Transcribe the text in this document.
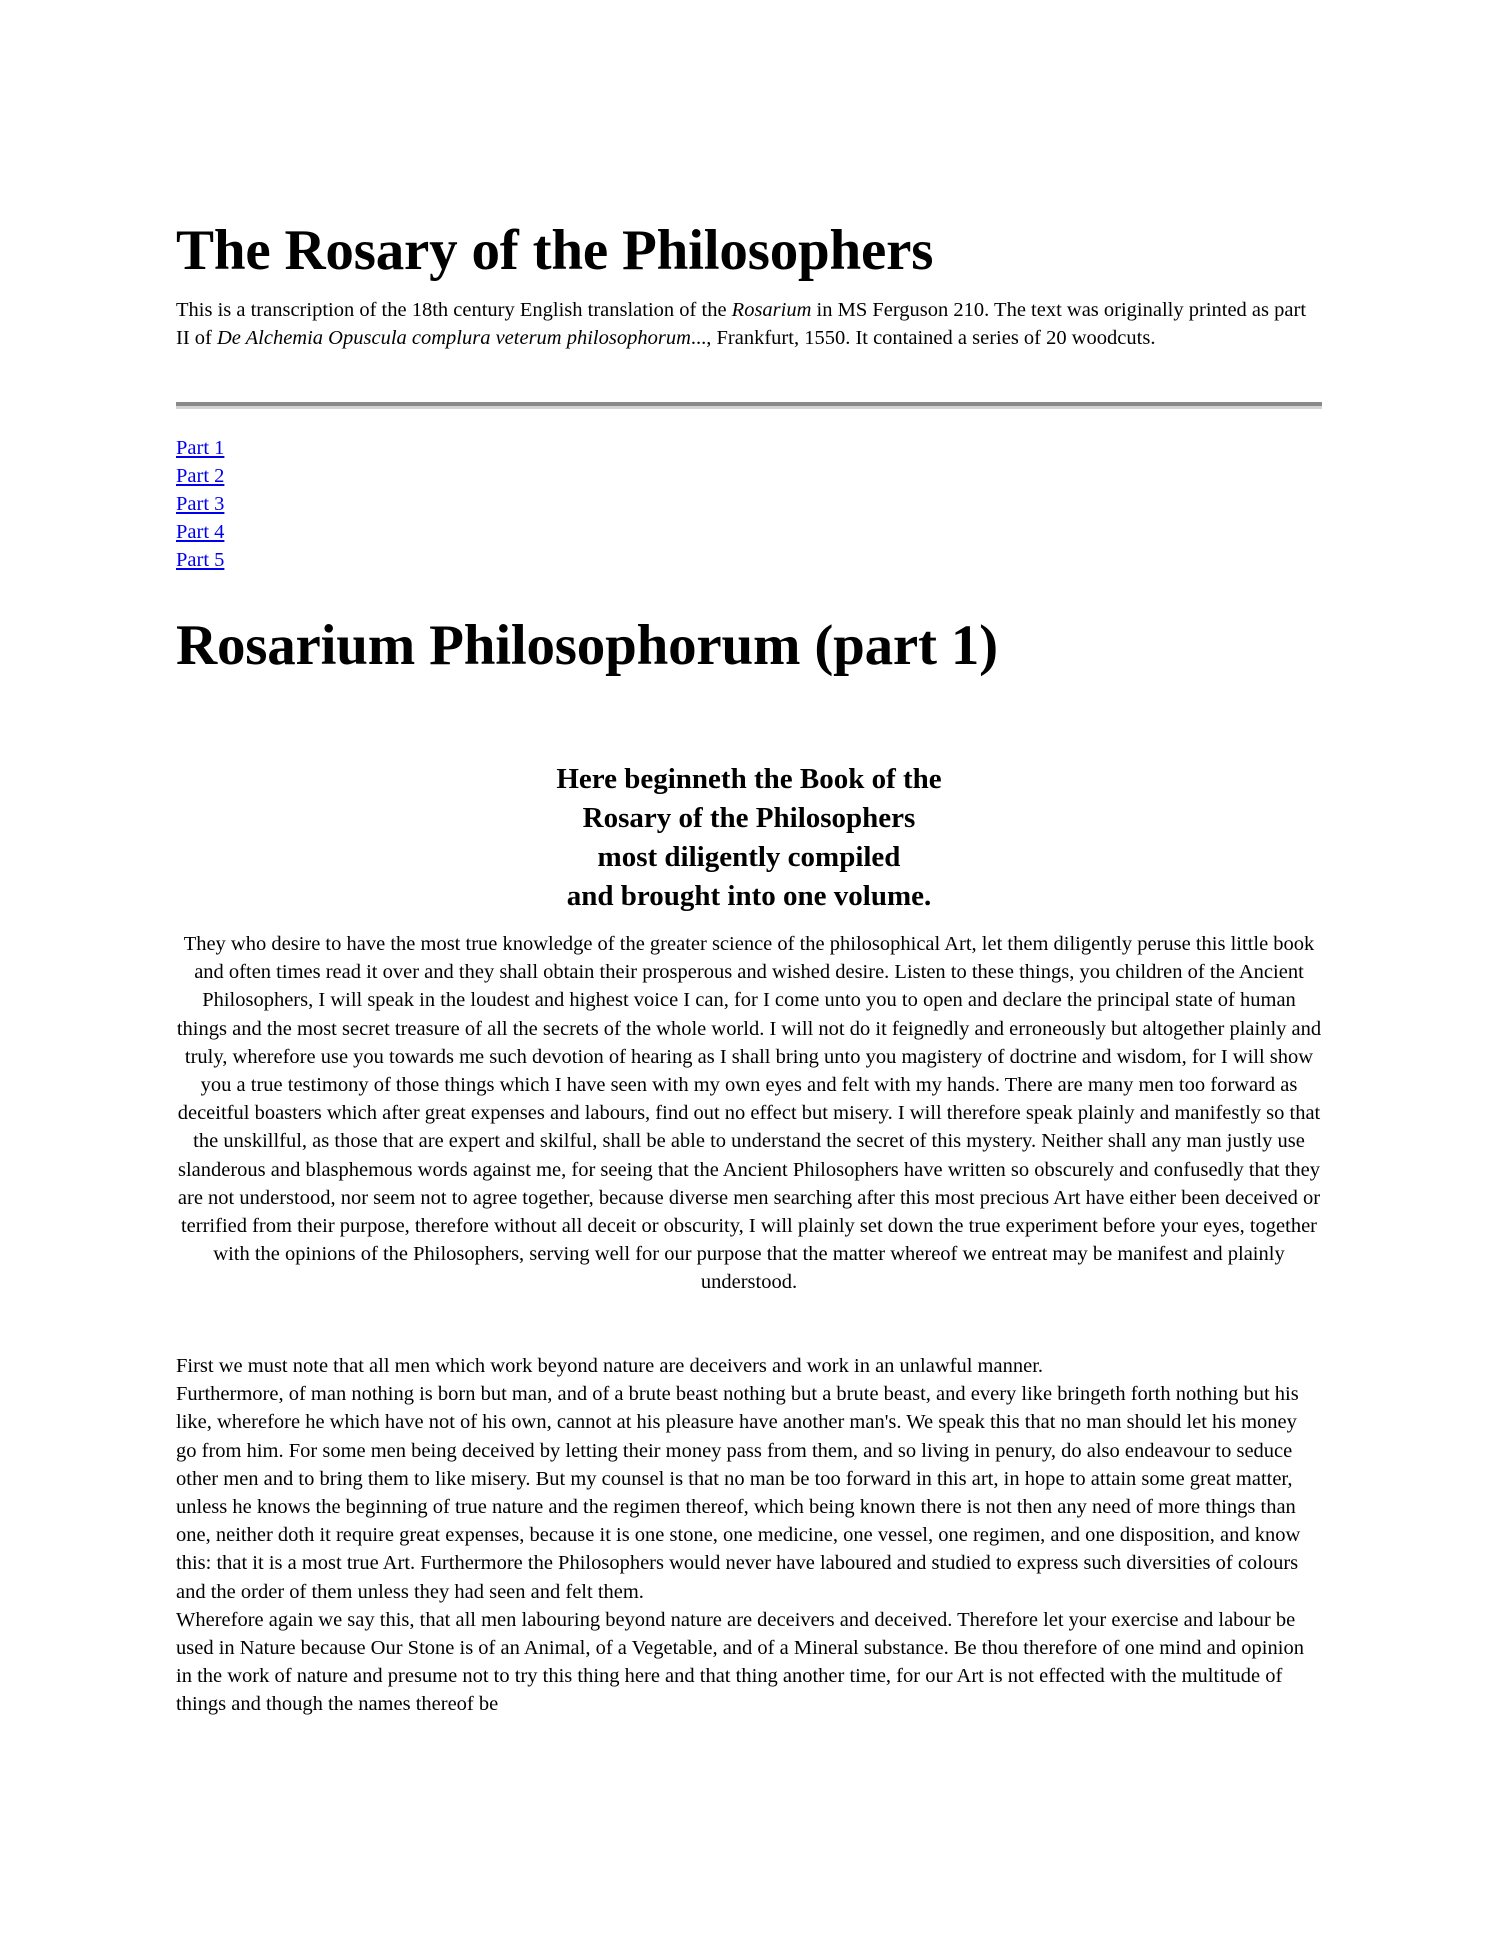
The Rosary of the Philosophers

This is a transcription of the 18th century English translation of the Rosarium in MS Ferguson 210. The text was originally printed as part II of De Alchemia Opuscula complura veterum philosophorum..., Frankfurt, 1550. It contained a series of 20 woodcuts.

Part 1
Part 2
Part 3
Part 4
Part 5
Rosarium Philosophorum (part 1)
Here beginneth the Book of the
Rosary of the Philosophers
most diligently compiled
and brought into one volume.

They who desire to have the most true knowledge of the greater science of the philosophical Art, let them diligently peruse this little book and often times read it over and they shall obtain their prosperous and wished desire. Listen to these things, you children of the Ancient Philosophers, I will speak in the loudest and highest voice I can, for I come unto you to open and declare the principal state of human things and the most secret treasure of all the secrets of the whole world. I will not do it feignedly and erroneously but altogether plainly and truly, wherefore use you towards me such devotion of hearing as I shall bring unto you magistery of doctrine and wisdom, for I will show you a true testimony of those things which I have seen with my own eyes and felt with my hands. There are many men too forward as deceitful boasters which after great expenses and labours, find out no effect but misery. I will therefore speak plainly and manifestly so that the unskillful, as those that are expert and skilful, shall be able to understand the secret of this mystery. Neither shall any man justly use slanderous and blasphemous words against me, for seeing that the Ancient Philosophers have written so obscurely and confusedly that they are not understood, nor seem not to agree together, because diverse men searching after this most precious Art have either been deceived or terrified from their purpose, therefore without all deceit or obscurity, I will plainly set down the true experiment before your eyes, together with the opinions of the Philosophers, serving well for our purpose that the matter whereof we entreat may be manifest and plainly understood.

First we must note that all men which work beyond nature are deceivers and work in an unlawful manner.

Furthermore, of man nothing is born but man, and of a brute beast nothing but a brute beast, and every like bringeth forth nothing but his like, wherefore he which have not of his own, cannot at his pleasure have another man's. We speak this that no man should let his money go from him. For some men being deceived by letting their money pass from them, and so living in penury, do also endeavour to seduce other men and to bring them to like misery. But my counsel is that no man be too forward in this art, in hope to attain some great matter, unless he knows the beginning of true nature and the regimen thereof, which being known there is not then any need of more things than one, neither doth it require great expenses, because it is one stone, one medicine, one vessel, one regimen, and one disposition, and know this: that it is a most true Art. Furthermore the Philosophers would never have laboured and studied to express such diversities of colours and the order of them unless they had seen and felt them.

Wherefore again we say this, that all men labouring beyond nature are deceivers and deceived. Therefore let your exercise and labour be used in Nature because Our Stone is of an Animal, of a Vegetable, and of a Mineral substance. Be thou therefore of one mind and opinion in the work of nature and presume not to try this thing here and that thing another time, for our Art is not effected with the multitude of things and though the names thereof be
